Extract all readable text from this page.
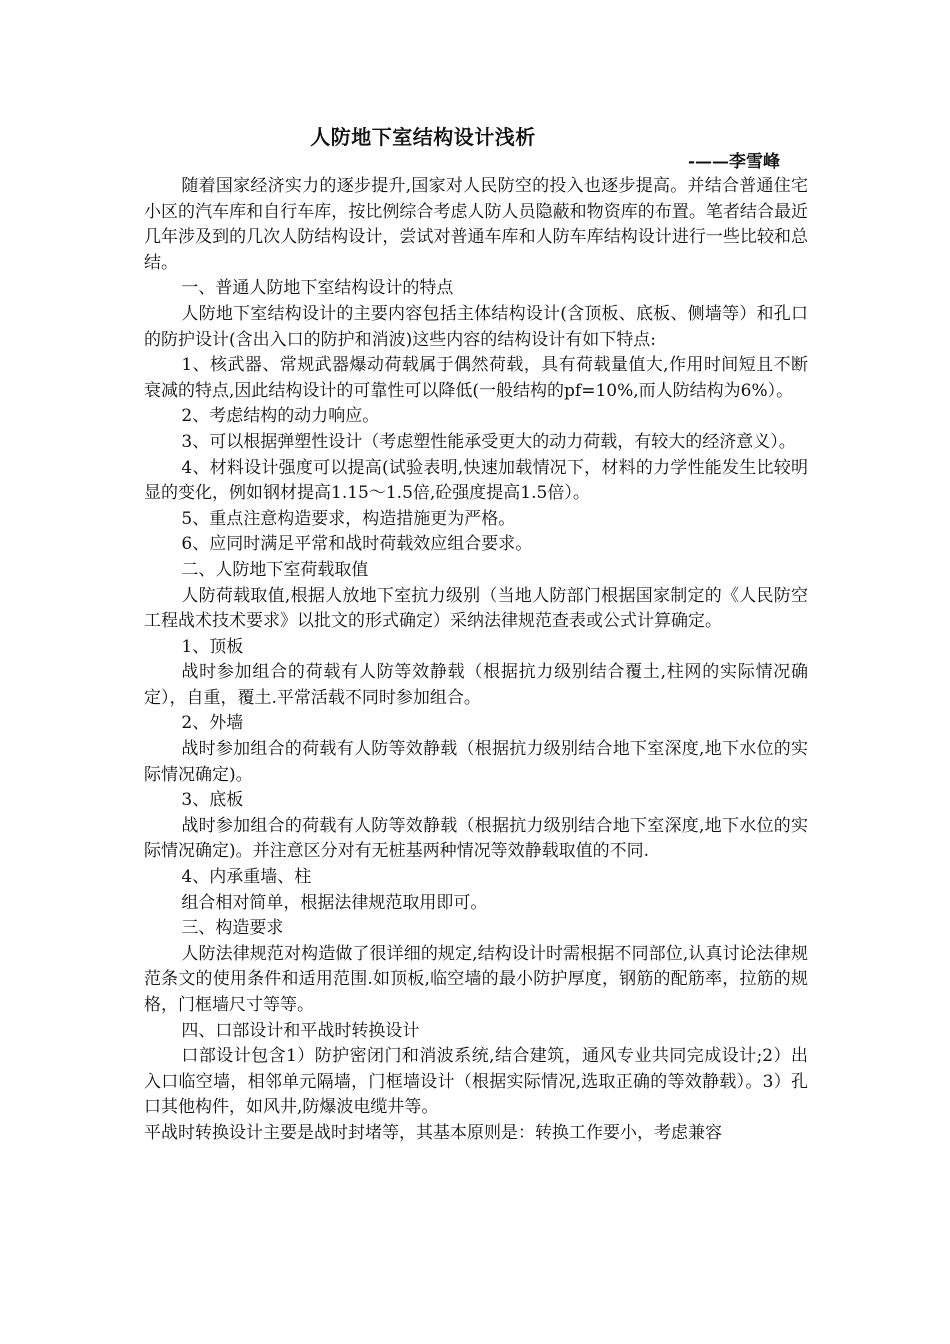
人防地下室结构设计浅析
-——李雪峰

随着国家经济实力的逐步提升,国家对人民防空的投入也逐步提高。并结合普通住宅小区的汽车库和自行车库，按比例综合考虑人防人员隐蔽和物资库的布置。笔者结合最近几年涉及到的几次人防结构设计，尝试对普通车库和人防车库结构设计进行一些比较和总结。

一、普通人防地下室结构设计的特点

人防地下室结构设计的主要内容包括主体结构设计(含顶板、底板、侧墙等）和孔口的防护设计(含出入口的防护和消波)这些内容的结构设计有如下特点:

1、核武器、常规武器爆动荷载属于偶然荷载，具有荷载量值大,作用时间短且不断衰减的特点,因此结构设计的可靠性可以降低(一般结构的pf=10%,而人防结构为6%）。

2、考虑结构的动力响应。

3、可以根据弹塑性设计（考虑塑性能承受更大的动力荷载，有较大的经济意义）。

4、材料设计强度可以提高(试验表明,快速加载情况下，材料的力学性能发生比较明显的变化，例如钢材提高1.15～1.5倍,砼强度提高1.5倍）。

5、重点注意构造要求，构造措施更为严格。

6、应同时满足平常和战时荷载效应组合要求。

二、人防地下室荷载取值

人防荷载取值,根据人放地下室抗力级别（当地人防部门根据国家制定的《人民防空工程战术技术要求》以批文的形式确定）采纳法律规范查表或公式计算确定。

1、顶板

战时参加组合的荷载有人防等效静载（根据抗力级别结合覆土,柱网的实际情况确定），自重，覆土.平常活载不同时参加组合。

2、外墙

战时参加组合的荷载有人防等效静载（根据抗力级别结合地下室深度,地下水位的实际情况确定)。

3、底板

战时参加组合的荷载有人防等效静载（根据抗力级别结合地下室深度,地下水位的实际情况确定)。并注意区分对有无桩基两种情况等效静载取值的不同.

4、内承重墙、柱

组合相对简单，根据法律规范取用即可。

三、构造要求

人防法律规范对构造做了很详细的规定,结构设计时需根据不同部位,认真讨论法律规范条文的使用条件和适用范围.如顶板,临空墙的最小防护厚度，钢筋的配筋率，拉筋的规格，门框墙尺寸等等。

四、口部设计和平战时转换设计

口部设计包含1）防护密闭门和消波系统,结合建筑，通风专业共同完成设计;2）出入口临空墙，相邻单元隔墙，门框墙设计（根据实际情况,选取正确的等效静载）。3）孔口其他构件，如风井,防爆波电缆井等。

平战时转换设计主要是战时封堵等，其基本原则是：转换工作要小，考虑兼容
